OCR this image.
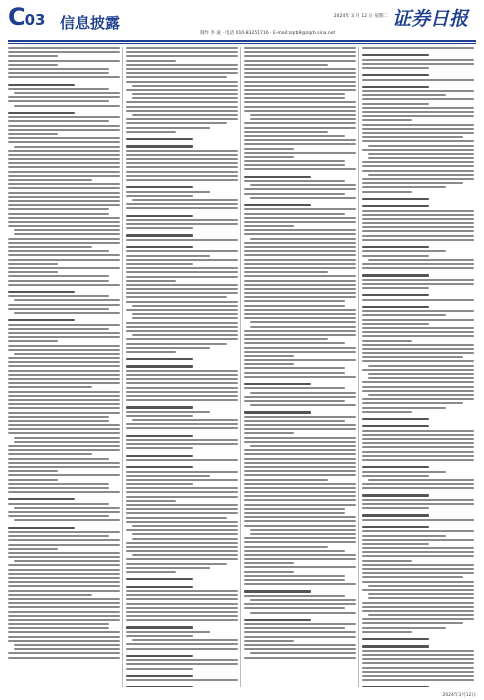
C03 信息披露	2024年 3 月 12 日 星期二
制作 李 波 · 电话 010-83251716 · E-mail:zqrb9@zqrb.sina.net
证券日报
2024年3月12日
